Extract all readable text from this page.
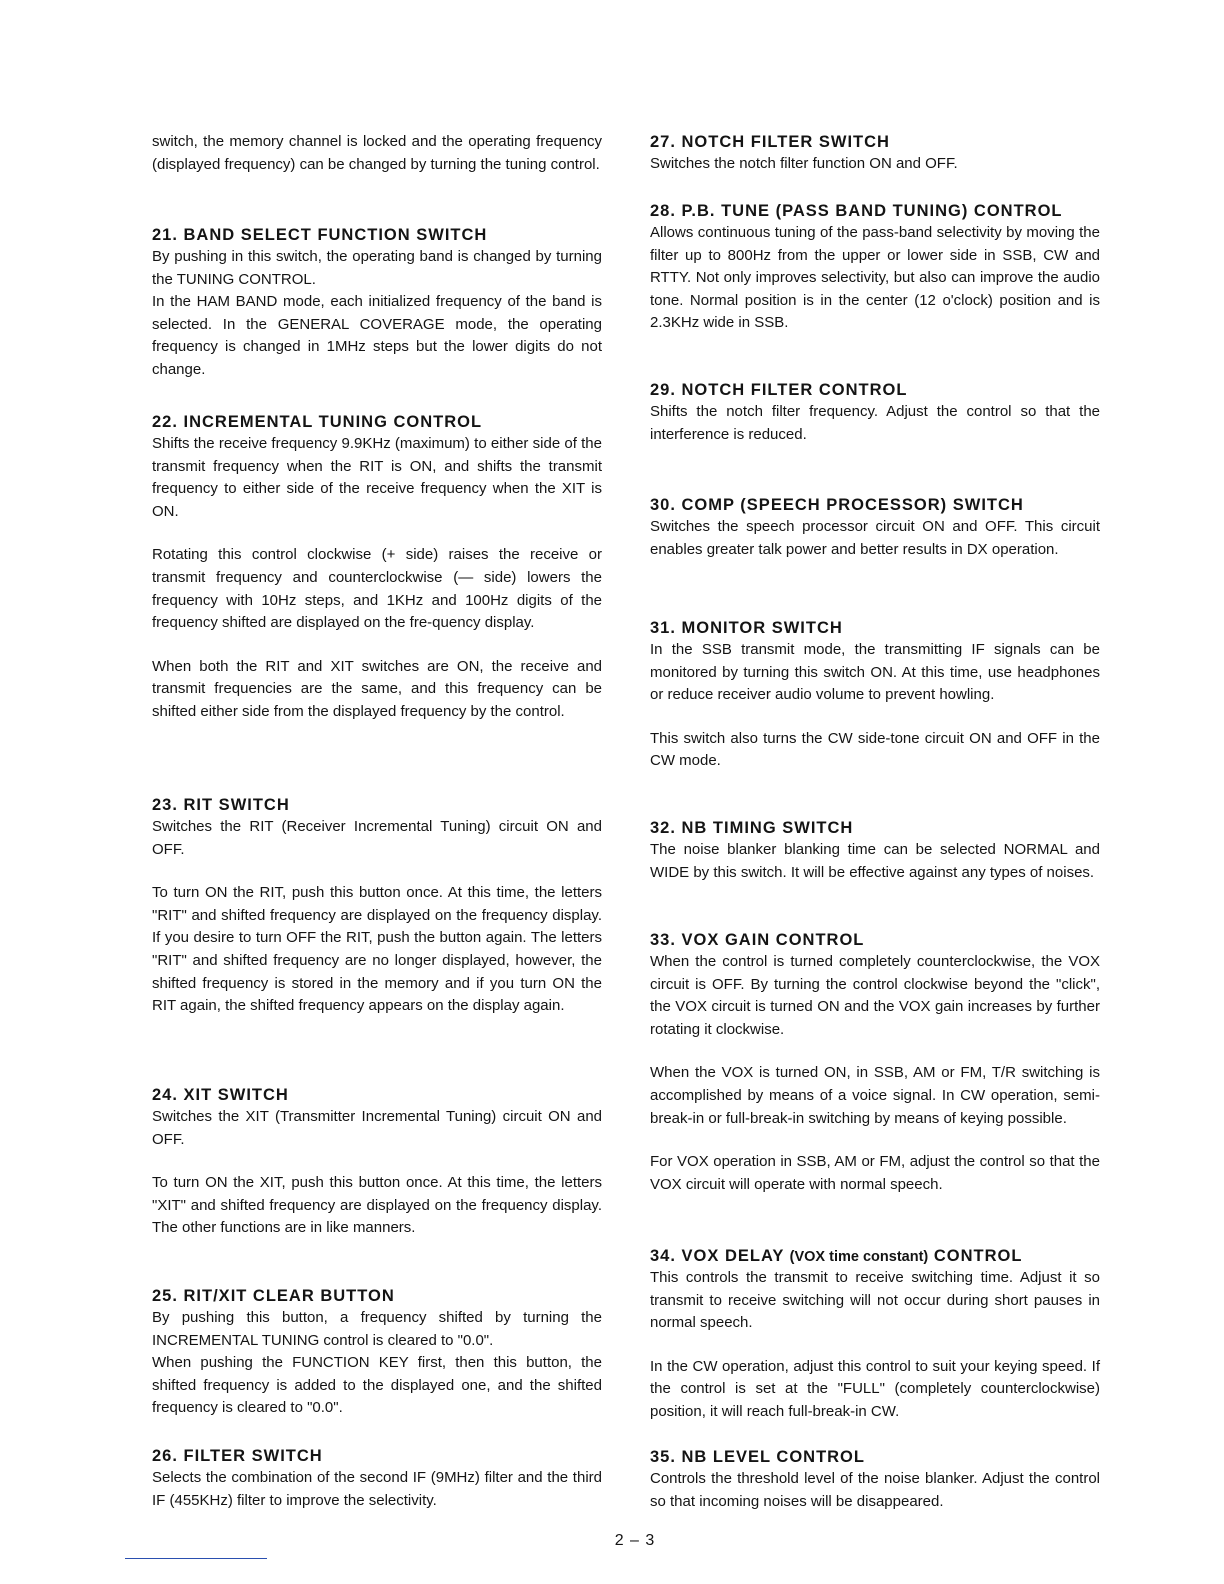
switch, the memory channel is locked and the operating frequency (displayed frequency) can be changed by turning the tuning control.

21. BAND SELECT FUNCTION SWITCH

By pushing in this switch, the operating band is changed by turning the TUNING CONTROL.

In the HAM BAND mode, each initialized frequency of the band is selected. In the GENERAL COVERAGE mode, the operating frequency is changed in 1MHz steps but the lower digits do not change.

22. INCREMENTAL TUNING CONTROL

Shifts the receive frequency 9.9KHz (maximum) to either side of the transmit frequency when the RIT is ON, and shifts the transmit frequency to either side of the receive frequency when the XIT is ON.

Rotating this control clockwise (+ side) raises the receive or transmit frequency and counterclockwise (— side) lowers the frequency with 10Hz steps, and 1KHz and 100Hz digits of the frequency shifted are displayed on the fre-quency display.

When both the RIT and XIT switches are ON, the receive and transmit frequencies are the same, and this frequency can be shifted either side from the displayed frequency by the control.

23. RIT SWITCH

Switches the RIT (Receiver Incremental Tuning) circuit ON and OFF.

To turn ON the RIT, push this button once. At this time, the letters "RIT" and shifted frequency are displayed on the frequency display. If you desire to turn OFF the RIT, push the button again. The letters "RIT" and shifted frequency are no longer displayed, however, the shifted frequency is stored in the memory and if you turn ON the RIT again, the shifted frequency appears on the display again.

24. XIT SWITCH

Switches the XIT (Transmitter Incremental Tuning) circuit ON and OFF.

To turn ON the XIT, push this button once. At this time, the letters "XIT" and shifted frequency are displayed on the frequency display. The other functions are in like manners.

25. RIT/XIT CLEAR BUTTON

By pushing this button, a frequency shifted by turning the INCREMENTAL TUNING control is cleared to "0.0".

When pushing the FUNCTION KEY first, then this button, the shifted frequency is added to the displayed one, and the shifted frequency is cleared to "0.0".

26. FILTER SWITCH

Selects the combination of the second IF (9MHz) filter and the third IF (455KHz) filter to improve the selectivity.

27. NOTCH FILTER SWITCH

Switches the notch filter function ON and OFF.

28. P.B. TUNE (PASS BAND TUNING) CONTROL

Allows continuous tuning of the pass-band selectivity by moving the filter up to 800Hz from the upper or lower side in SSB, CW and RTTY. Not only improves selectivity, but also can improve the audio tone. Normal position is in the center (12 o'clock) position and is 2.3KHz wide in SSB.

29. NOTCH FILTER CONTROL

Shifts the notch filter frequency. Adjust the control so that the interference is reduced.

30. COMP (SPEECH PROCESSOR) SWITCH

Switches the speech processor circuit ON and OFF. This circuit enables greater talk power and better results in DX operation.

31. MONITOR SWITCH

In the SSB transmit mode, the transmitting IF signals can be monitored by turning this switch ON. At this time, use headphones or reduce receiver audio volume to prevent howling.

This switch also turns the CW side-tone circuit ON and OFF in the CW mode.

32. NB TIMING SWITCH

The noise blanker blanking time can be selected NORMAL and WIDE by this switch. It will be effective against any types of noises.

33. VOX GAIN CONTROL

When the control is turned completely counterclockwise, the VOX circuit is OFF. By turning the control clockwise beyond the "click", the VOX circuit is turned ON and the VOX gain increases by further rotating it clockwise.

When the VOX is turned ON, in SSB, AM or FM, T/R switching is accomplished by means of a voice signal. In CW operation, semi-break-in or full-break-in switching by means of keying possible.

For VOX operation in SSB, AM or FM, adjust the control so that the VOX circuit will operate with normal speech.

34. VOX DELAY (VOX time constant) CONTROL

This controls the transmit to receive switching time. Adjust it so transmit to receive switching will not occur during short pauses in normal speech.

In the CW operation, adjust this control to suit your keying speed. If the control is set at the "FULL" (completely counterclockwise) position, it will reach full-break-in CW.

35. NB LEVEL CONTROL

Controls the threshold level of the noise blanker. Adjust the control so that incoming noises will be disappeared.

2 – 3
